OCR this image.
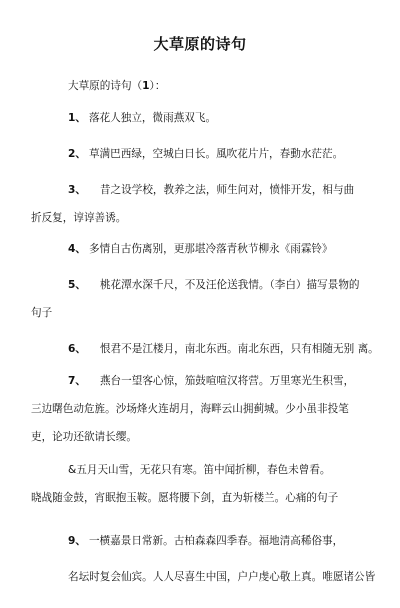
大草原的诗句
大草原的诗句（1）：
1、 落花人独立，微雨燕双飞。
2、 草满巴西绿，空城白日长。風吹花片片，春動水茫茫。
3、 昔之设学校，教养之法，师生问对，愤悱开发，相与曲
折反复，谆谆善诱。
4、 多情自古伤离别，更那堪冷落青秋节柳永《雨霖铃》
5、 桃花潭水深千尺，不及汪伦送我情。（李白）描写景物的
句子
6、 恨君不是江楼月，南北东西。南北东西，只有相随无别 离。
7、 燕台一望客心惊，笳鼓喧喧汉将营。万里寒光生积雪，
三边曙色动危旌。沙场烽火连胡月，海畔云山拥蓟城。少小虽非投笔
吏，论功还欲请长缨。
&五月天山雪，无花只有寒。笛中闻折柳，春色未曾看。
晓战随金鼓，宵眠抱玉鞍。愿将腰下剑，直为斩楼兰。心痛的句子
9、 一横嘉景日常新。古柏森森四季春。福地清高稀俗事，
名坛时复会仙宾。人人尽喜生中国，户户虔心敬上真。唯愿诸公皆
